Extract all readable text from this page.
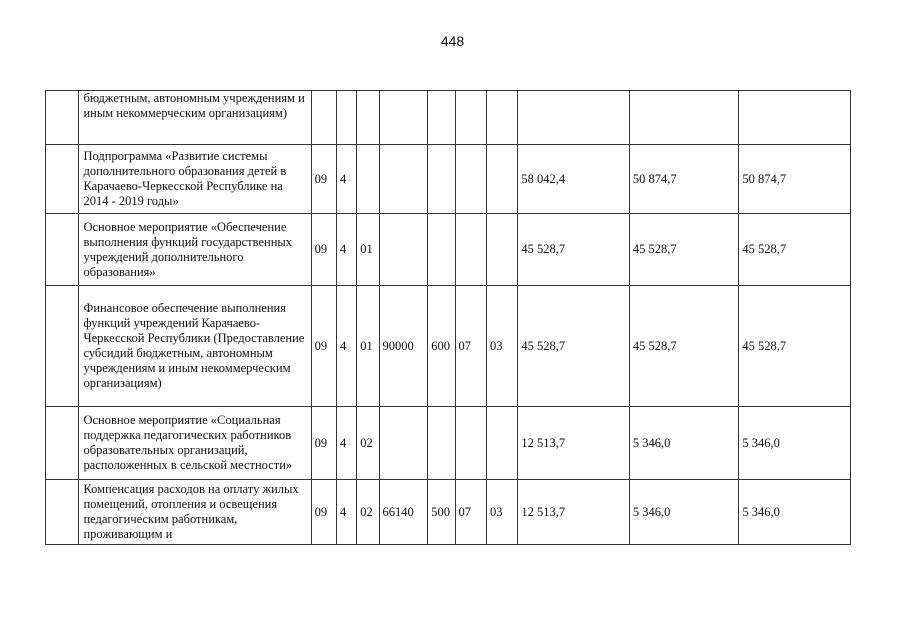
448
	бюджетным, автономным учреждениям и иным некоммерческим организациям)										
	Подпрограмма «Развитие системы дополнительного образования детей в Карачаево-Черкесской Республике на 2014 - 2019 годы»	09	4						58 042,4	50 874,7	50 874,7
	Основное мероприятие «Обеспечение выполнения функций государственных учреждений дополнительного образования»	09	4	01					45 528,7	45 528,7	45 528,7
	Финансовое обеспечение выполнения функций учреждений Карачаево-Черкесской Республики (Предоставление субсидий бюджетным, автономным учреждениям и иным некоммерческим организациям)	09	4	01	90000	600	07	03	45 528,7	45 528,7	45 528,7
	Основное мероприятие «Социальная поддержка педагогических работников образовательных организаций, расположенных в сельской местности»	09	4	02					12 513,7	5 346,0	5 346,0
	Компенсация расходов на оплату жилых помещений, отопления и освещения педагогическим работникам, проживающим и	09	4	02	66140	500	07	03	12 513,7	5 346,0	5 346,0
